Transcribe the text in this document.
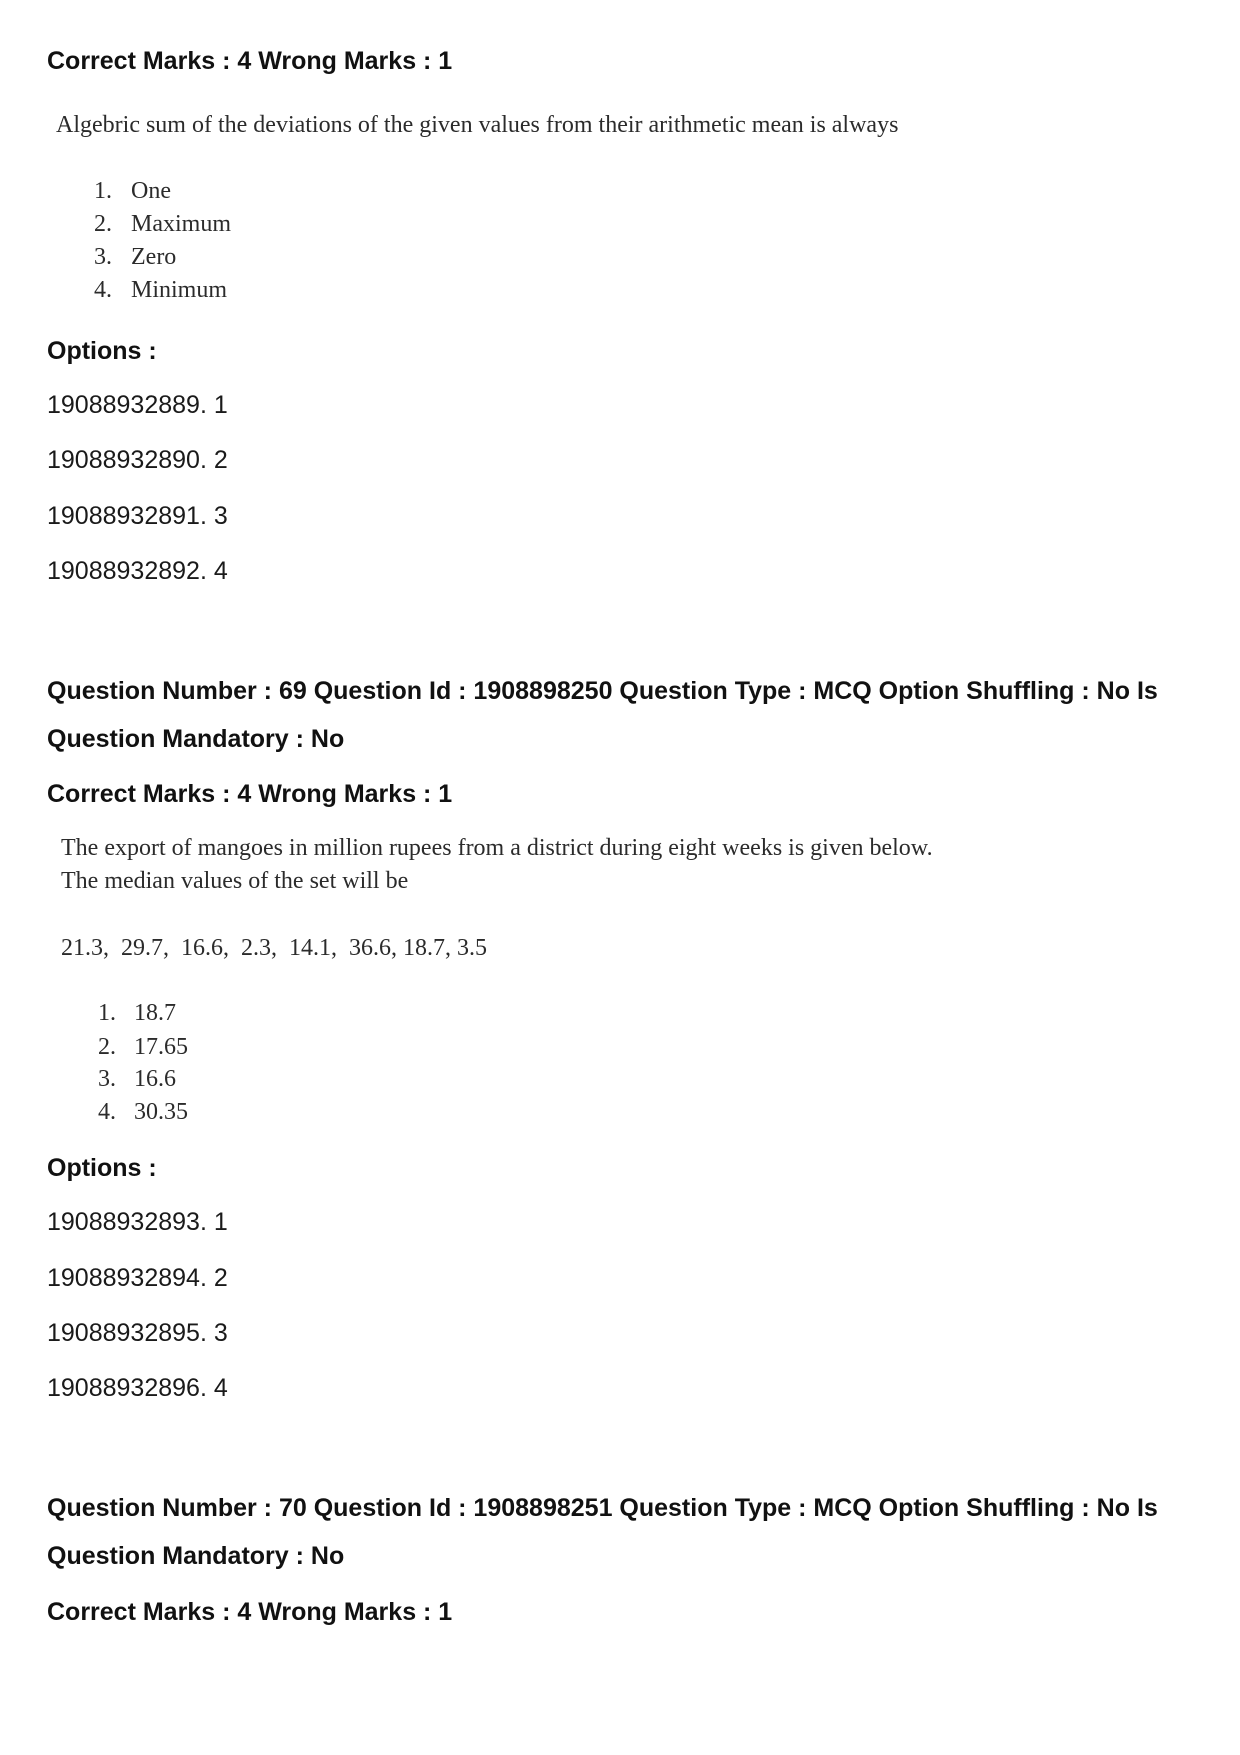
Correct Marks : 4 Wrong Marks : 1
Algebric sum of the deviations of the given values from their arithmetic mean is always
1. One
2. Maximum
3. Zero
4. Minimum
Options :
19088932889. 1
19088932890. 2
19088932891. 3
19088932892. 4
Question Number : 69 Question Id : 1908898250 Question Type : MCQ Option Shuffling : No Is
Question Mandatory : No
Correct Marks : 4 Wrong Marks : 1
The export of mangoes in million rupees from a district during eight weeks is given below.
The median values of the set will be
21.3,  29.7,  16.6,  2.3,  14.1,  36.6, 18.7, 3.5
1. 18.7
2. 17.65
3. 16.6
4. 30.35
Options :
19088932893. 1
19088932894. 2
19088932895. 3
19088932896. 4
Question Number : 70 Question Id : 1908898251 Question Type : MCQ Option Shuffling : No Is
Question Mandatory : No
Correct Marks : 4 Wrong Marks : 1
